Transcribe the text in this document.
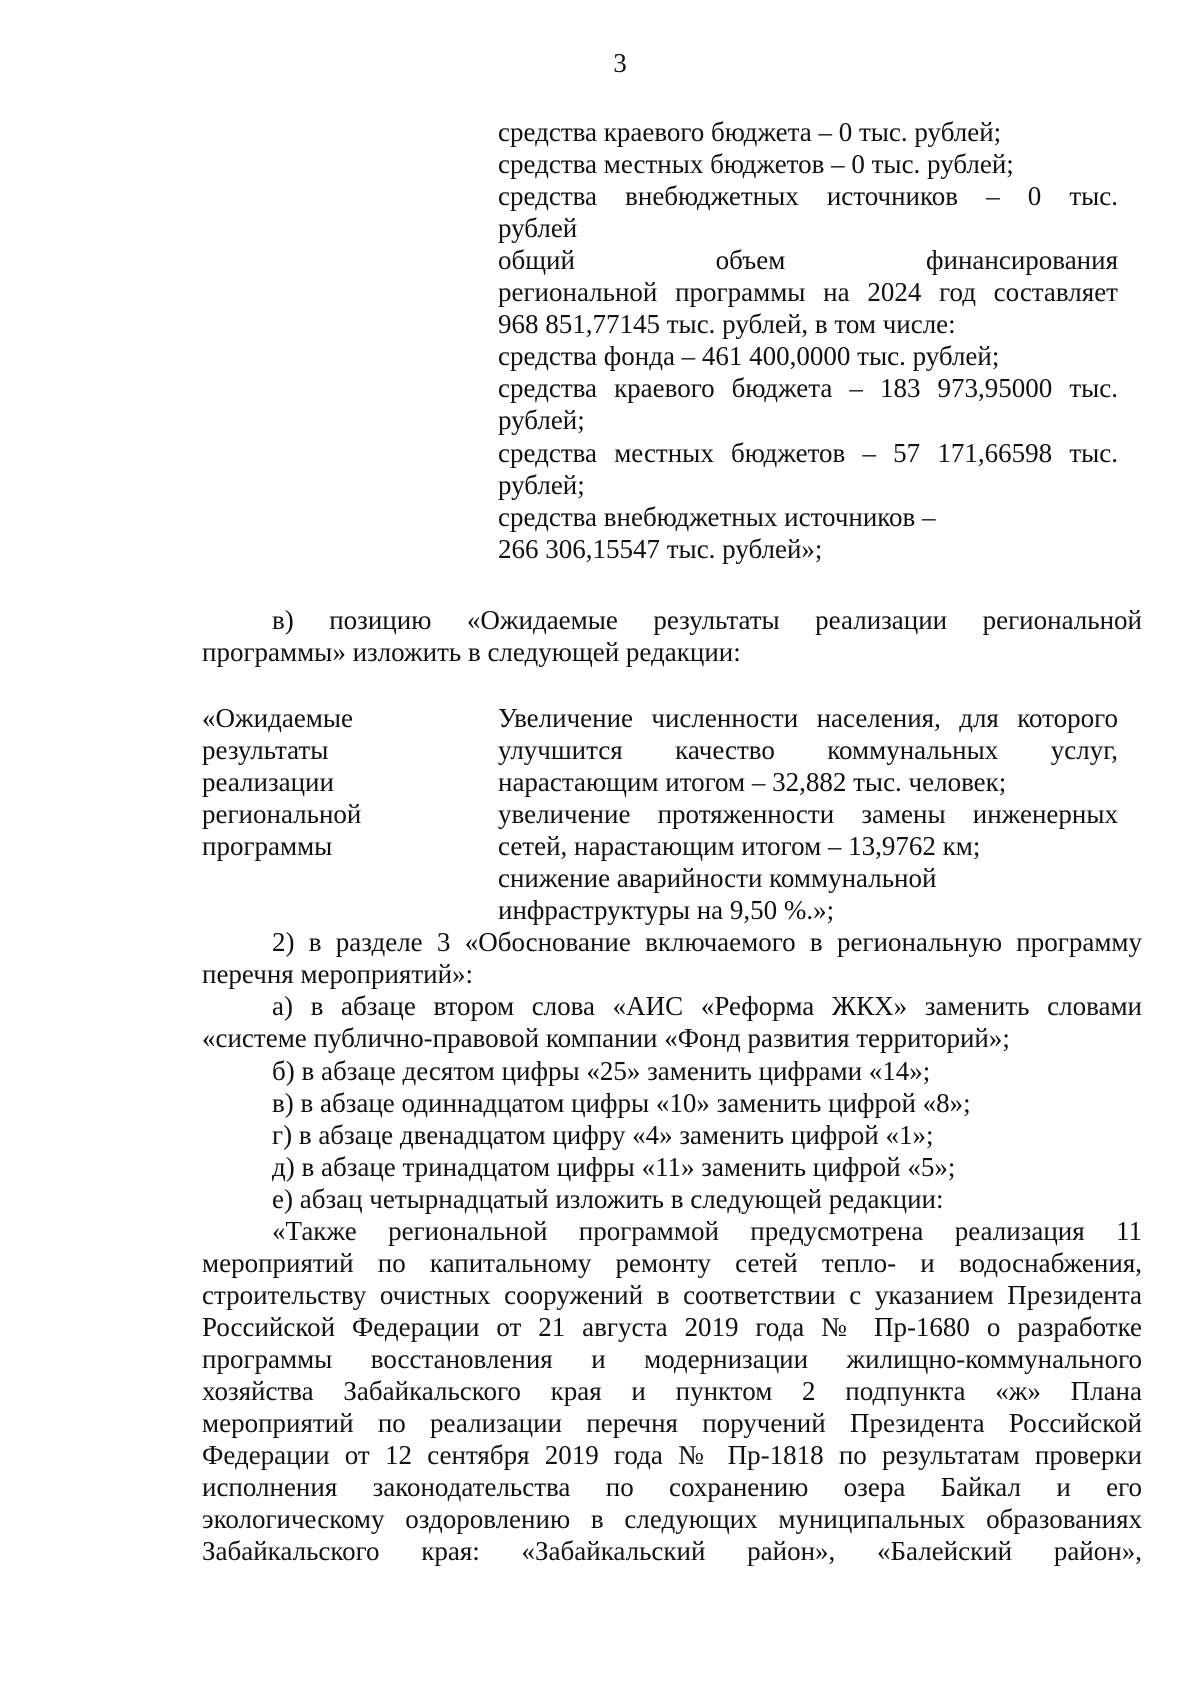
3
средства краевого бюджета – 0 тыс. рублей;
средства местных бюджетов – 0 тыс. рублей;
средства внебюджетных источников – 0 тыс.
рублей
общий объем финансирования
региональной программы на 2024 год составляет
968 851,77145 тыс. рублей, в том числе:
средства фонда – 461 400,0000 тыс. рублей;
средства краевого бюджета – 183 973,95000 тыс.
рублей;
средства местных бюджетов – 57 171,66598 тыс.
рублей;
средства внебюджетных источников –
266 306,15547 тыс. рублей»;
в) позицию «Ожидаемые результаты реализации региональной
программы» изложить в следующей редакции:
«Ожидаемые
результаты
реализации
региональной
программы
Увеличение численности населения, для которого
улучшится качество коммунальных услуг,
нарастающим итогом – 32,882 тыс. человек;
увеличение протяженности замены инженерных
сетей, нарастающим итогом – 13,9762 км;
снижение аварийности коммунальной
инфраструктуры на 9,50 %.»;
2) в разделе 3 «Обоснование включаемого в региональную программу
перечня мероприятий»:
а) в абзаце втором слова «АИС «Реформа ЖКХ» заменить словами
«системе публично-правовой компании «Фонд развития территорий»;
б) в абзаце десятом цифры «25» заменить цифрами «14»;
в) в абзаце одиннадцатом цифры «10» заменить цифрой «8»;
г) в абзаце двенадцатом цифру «4» заменить цифрой «1»;
д) в абзаце тринадцатом цифры «11» заменить цифрой «5»;
е) абзац четырнадцатый изложить в следующей редакции:
«Также региональной программой предусмотрена реализация 11
мероприятий по капитальному ремонту сетей тепло- и водоснабжения,
строительству очистных сооружений в соответствии с указанием Президента
Российской Федерации от 21 августа 2019 года № Пр-1680 о разработке
программы восстановления и модернизации жилищно-коммунального
хозяйства Забайкальского края и пунктом 2 подпункта «ж» Плана
мероприятий по реализации перечня поручений Президента Российской
Федерации от 12 сентября 2019 года № Пр-1818 по результатам проверки
исполнения законодательства по сохранению озера Байкал и его
экологическому оздоровлению в следующих муниципальных образованиях
Забайкальского края: «Забайкальский район», «Балейский район»,
